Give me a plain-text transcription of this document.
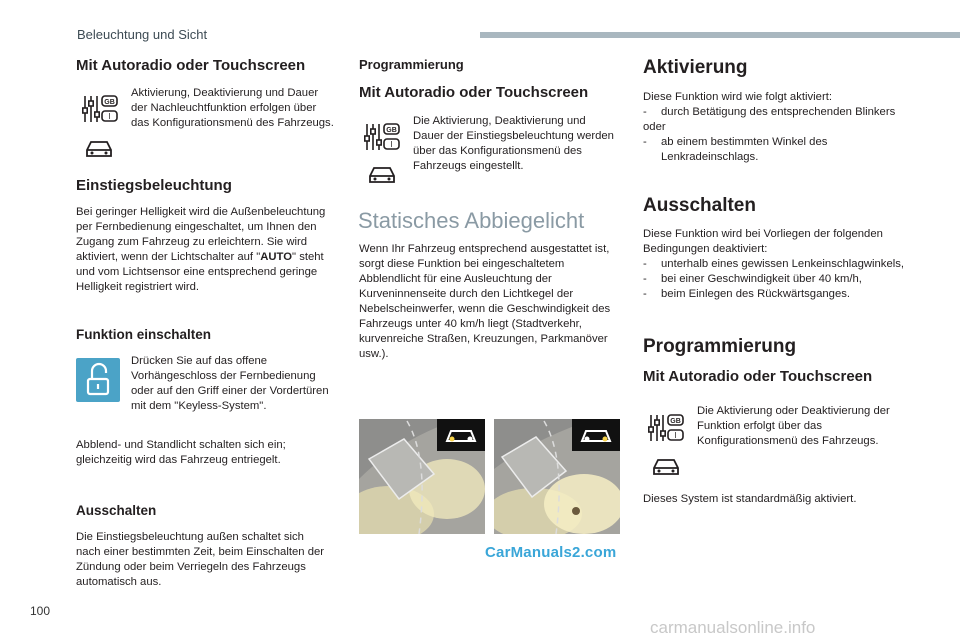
Beleuchtung und Sicht
Mit Autoradio oder Touchscreen
GB
I
Aktivierung, Deaktivierung und Dauer der Nachleuchtfunktion erfolgen über das Konfigurationsmenü des Fahrzeugs.
Einstiegsbeleuchtung
Bei geringer Helligkeit wird die Außenbeleuchtung per Fernbedienung eingeschaltet, um Ihnen den Zugang zum Fahrzeug zu erleichtern. Sie wird aktiviert, wenn der Lichtschalter auf "AUTO" steht und vom Lichtsensor eine entsprechend geringe Helligkeit registriert wird.
Funktion einschalten
Drücken Sie auf das offene Vorhängeschloss der Fernbedienung oder auf den Griff einer der Vordertüren mit dem "Keyless-System".
Abblend- und Standlicht schalten sich ein; gleichzeitig wird das Fahrzeug entriegelt.
Ausschalten
Die Einstiegsbeleuchtung außen schaltet sich nach einer bestimmten Zeit, beim Einschalten der Zündung oder beim Verriegeln des Fahrzeugs automatisch aus.
Programmierung
Mit Autoradio oder Touchscreen
GB
I
Die Aktivierung, Deaktivierung und Dauer der Einstiegsbeleuchtung werden über das Konfigurationsmenü des Fahrzeugs eingestellt.
Statisches Abbiegelicht
Wenn Ihr Fahrzeug entsprechend ausgestattet ist, sorgt diese Funktion bei eingeschaltetem Abblendlicht für eine Ausleuchtung der Kurveninnenseite durch den Lichtkegel der Nebelscheinwerfer, wenn die Geschwindigkeit des Fahrzeugs unter 40 km/h liegt (Stadtverkehr, kurvenreiche Straßen, Kreuzungen, Parkmanöver usw.).
CarManuals2.com
Aktivierung
Diese Funktion wird wie folgt aktiviert:
- durch Betätigung des entsprechenden Blinkers
oder
- ab einem bestimmten Winkel des Lenkradeinschlags.
Ausschalten
Diese Funktion wird bei Vorliegen der folgenden Bedingungen deaktiviert:
- unterhalb eines gewissen Lenkeinschlagwinkels,
- bei einer Geschwindigkeit über 40 km/h,
- beim Einlegen des Rückwärtsganges.
Programmierung
Mit Autoradio oder Touchscreen
GB
I
Die Aktivierung oder Deaktivierung der Funktion erfolgt über das Konfigurationsmenü des Fahrzeugs.
Dieses System ist standardmäßig aktiviert.
100
carmanualsonline.info
